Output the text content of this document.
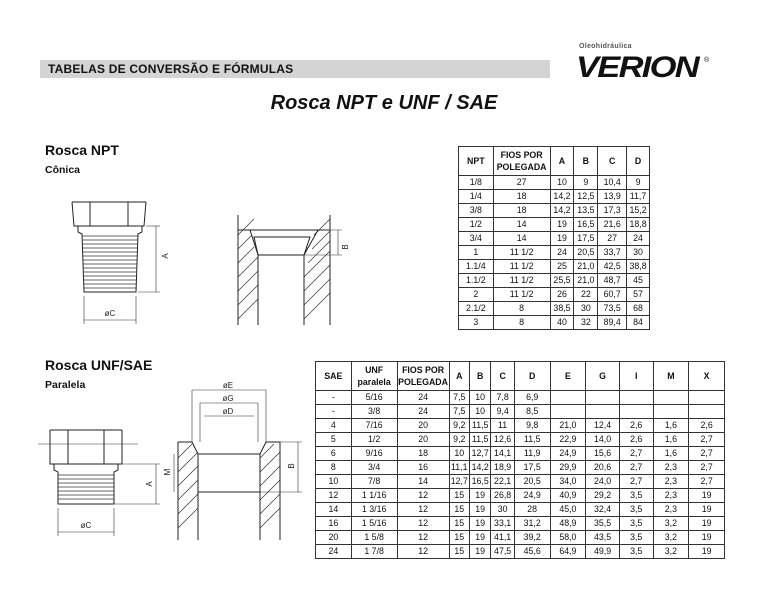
TABELAS DE CONVERSÃO E FÓRMULAS
Oleohidráulica
VERION ®
Rosca NPT e UNF / SAE
Rosca NPT
Cônica
A
øC
B
NPT	FIOS POR POLEGADA	A	B	C	D
1/8	27	10	9	10,4	9
1/4	18	14,2	12,5	13,9	11,7
3/8	18	14,2	13,5	17,3	15,2
1/2	14	19	16,5	21,6	18,8
3/4	14	19	17,5	27	24
1	11 1/2	24	20,5	33,7	30
1.1/4	11 1/2	25	21,0	42,5	38,8
1.1/2	11 1/2	25,5	21,0	48,7	45
2	11 1/2	26	22	60,7	57
2.1/2	8	38,5	30	73,5	68
3	8	40	32	89,4	84
Rosca UNF/SAE
Paralela
A
øC
øE
øG
øD
M
B
SAE	UNF paralela	FIOS POR POLEGADA	A	B	C	D	E	G	I	M	X
-	5/16	24	7,5	10	7,8	6,9					
-	3/8	24	7,5	10	9,4	8,5					
4	7/16	20	9,2	11,5	11	9,8	21,0	12,4	2,6	1,6	2,6
5	1/2	20	9,2	11,5	12,6	11,5	22,9	14,0	2,6	1,6	2,7
6	9/16	18	10	12,7	14,1	11,9	24,9	15,6	2,7	1,6	2,7
8	3/4	16	11,1	14,2	18,9	17,5	29,9	20,6	2,7	2,3	2,7
10	7/8	14	12,7	16,5	22,1	20,5	34,0	24,0	2,7	2,3	2,7
12	1 1/16	12	15	19	26,8	24,9	40,9	29,2	3,5	2,3	19
14	1 3/16	12	15	19	30	28	45,0	32,4	3,5	2,3	19
16	1 5/16	12	15	19	33,1	31,2	48,9	35,5	3,5	3,2	19
20	1 5/8	12	15	19	41,1	39,2	58,0	43,5	3,5	3,2	19
24	1 7/8	12	15	19	47,5	45,6	64,9	49,9	3,5	3,2	19
